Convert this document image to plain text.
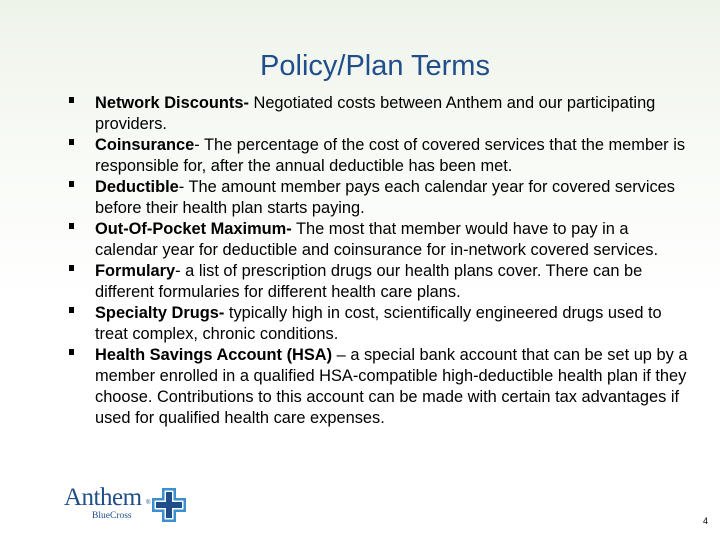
Policy/Plan Terms
Network Discounts- Negotiated costs between Anthem and our participating providers.
Coinsurance- The percentage of the cost of covered services that the member is responsible for, after the annual deductible has been met.
Deductible- The amount member pays each calendar year for covered services before their health plan starts paying.
Out-Of-Pocket Maximum- The most that member would have to pay in a calendar year for deductible and coinsurance for in-network covered services.
Formulary- a list of prescription drugs our health plans cover. There can be different formularies for different health care plans.
Specialty Drugs- typically high in cost, scientifically engineered drugs used to treat complex, chronic conditions.
Health Savings Account (HSA) – a special bank account that can be set up by a member enrolled in a qualified HSA-compatible high-deductible health plan if they choose. Contributions to this account can be made with certain tax advantages if used for qualified health care expenses.
Anthem ®
BlueCross	4
